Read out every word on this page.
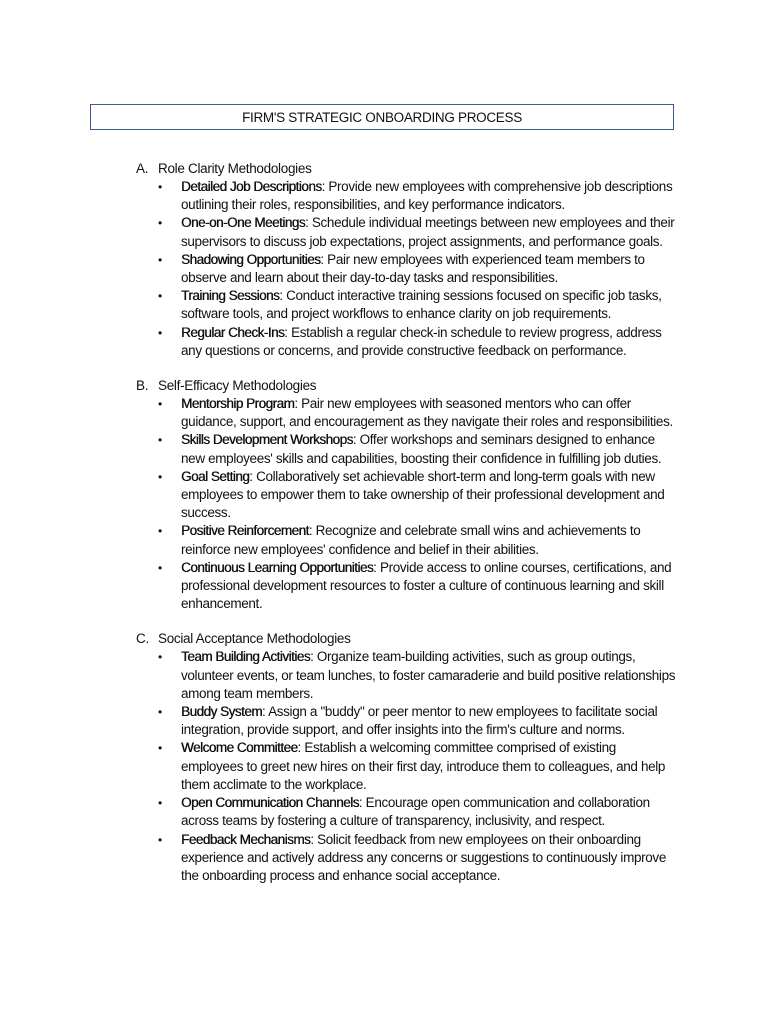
FIRM'S STRATEGIC ONBOARDING PROCESS
A. Role Clarity Methodologies
• Detailed Job Descriptions: Provide new employees with comprehensive job descriptions outlining their roles, responsibilities, and key performance indicators.
• One-on-One Meetings: Schedule individual meetings between new employees and their supervisors to discuss job expectations, project assignments, and performance goals.
• Shadowing Opportunities: Pair new employees with experienced team members to observe and learn about their day-to-day tasks and responsibilities.
• Training Sessions: Conduct interactive training sessions focused on specific job tasks, software tools, and project workflows to enhance clarity on job requirements.
• Regular Check-Ins: Establish a regular check-in schedule to review progress, address any questions or concerns, and provide constructive feedback on performance.
B. Self-Efficacy Methodologies
• Mentorship Program: Pair new employees with seasoned mentors who can offer guidance, support, and encouragement as they navigate their roles and responsibilities.
• Skills Development Workshops: Offer workshops and seminars designed to enhance new employees' skills and capabilities, boosting their confidence in fulfilling job duties.
• Goal Setting: Collaboratively set achievable short-term and long-term goals with new employees to empower them to take ownership of their professional development and success.
• Positive Reinforcement: Recognize and celebrate small wins and achievements to reinforce new employees' confidence and belief in their abilities.
• Continuous Learning Opportunities: Provide access to online courses, certifications, and professional development resources to foster a culture of continuous learning and skill enhancement.
C. Social Acceptance Methodologies
• Team Building Activities: Organize team-building activities, such as group outings, volunteer events, or team lunches, to foster camaraderie and build positive relationships among team members.
• Buddy System: Assign a "buddy" or peer mentor to new employees to facilitate social integration, provide support, and offer insights into the firm's culture and norms.
• Welcome Committee: Establish a welcoming committee comprised of existing employees to greet new hires on their first day, introduce them to colleagues, and help them acclimate to the workplace.
• Open Communication Channels: Encourage open communication and collaboration across teams by fostering a culture of transparency, inclusivity, and respect.
• Feedback Mechanisms: Solicit feedback from new employees on their onboarding experience and actively address any concerns or suggestions to continuously improve the onboarding process and enhance social acceptance.
